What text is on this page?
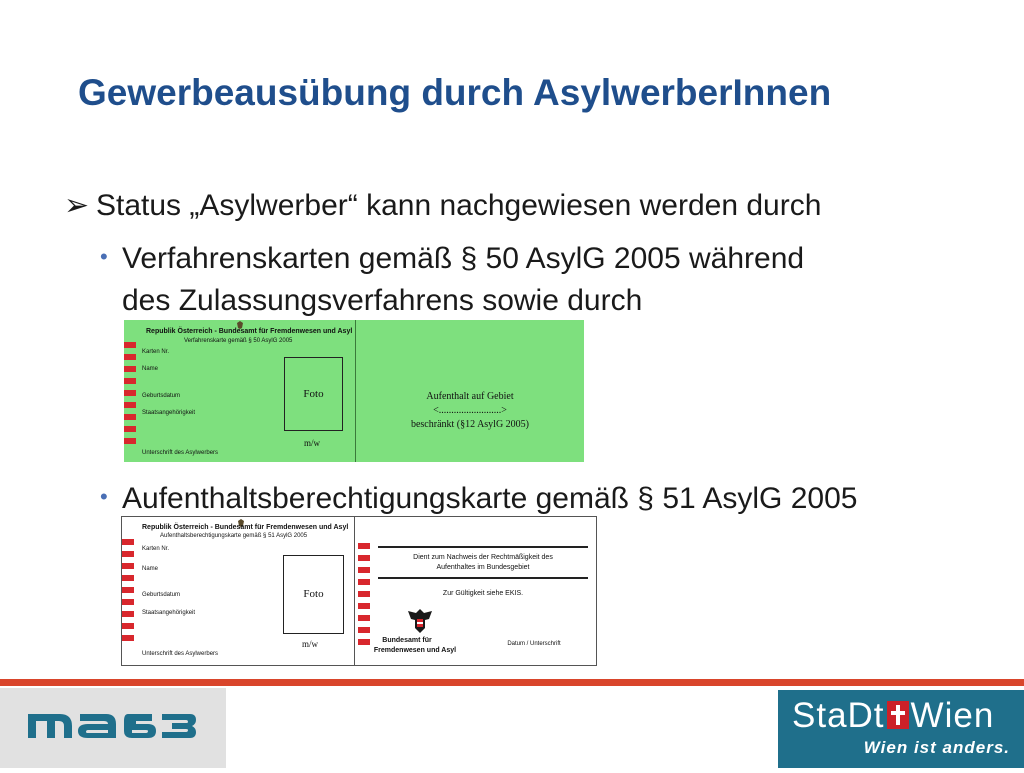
Gewerbeausübung durch AsylwerberInnen
➢ Status „Asylwerber“ kann nachgewiesen werden durch
• Verfahrenskarten gemäß § 50 AsylG 2005 während
des Zulassungsverfahrens sowie durch
Republik Österreich - Bundesamt für Fremdenwesen und Asyl
Verfahrenskarte gemäß § 50 AsylG 2005
Karten Nr.
Name
Geburtsdatum
Staatsangehörigkeit
Unterschrift des Asylwerbers
Foto
m/w
Aufenthalt auf Gebiet
<.........................>
beschränkt (§12 AsylG 2005)
• Aufenthaltsberechtigungskarte gemäß § 51 AsylG 2005
Republik Österreich - Bundesamt für Fremdenwesen und Asyl
Aufenthaltsberechtigungskarte gemäß § 51 AsylG 2005
Karten Nr.
Name
Geburtsdatum
Staatsangehörigkeit
Unterschrift des Asylwerbers
Foto
m/w
Dient zum Nachweis der Rechtmäßigkeit des
Aufenthaltes im Bundesgebiet
Zur Gültigkeit siehe EKIS.
Bundesamt für
Fremdenwesen und Asyl
Datum / Unterschrift
StaDt Wien
Wien ist anders.
